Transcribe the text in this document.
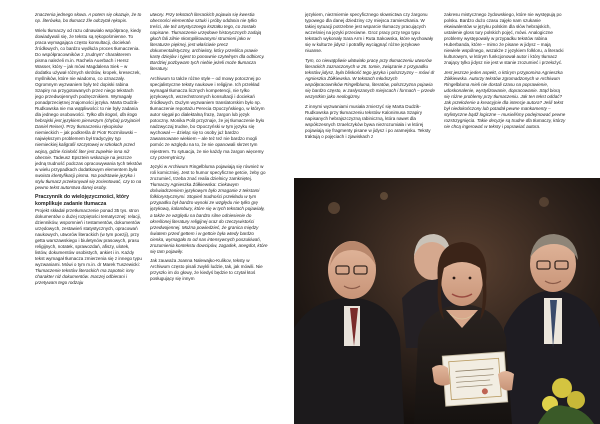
znaczenia jednego słowa. A potem się okazuje, że to np. literówka, bo tłumacz źle odczytał rękopis.

Wielu tłumaczy od razu odnawiało współpracę, kiedy dowiadywali się, że tekstu są rękopośmienne. To praca wymagająca często konsultacji, dociekań źródłowych, co bardzo wydłuża proces tłumaczenia. Do współpracowników z „trudnym” charakterem pisma należeli m.in. Rachela Auerbach i Hersz Wasser, który – jak mówi Magdalena Siek – w dodatku używał różnych skrótów, kropek, kreseczek, myślników, które nie wiadomo, co oznaczały. Ogromnym wyzwaniem były też dopiski rabina Szapiry na przygotowanych przez niego tekstach jego przedwojennych podręcznikiem. Wymagały ponadprzeciętnej znajomości języka. Marta Dudzik-Rudkowska nie ma wątpliwości: to nie były zadania dla jednego osobowości. Tylko dla kogoś, dla kogo hebrajski jest językiem pierwszym (chyba) przyjaciel Daniel Reiser). Przy tłumaczeniu rękopisów niemieckich – jak podkreśla dr Piotr Rozmilowski – największym problemem był tradycyjny typ niemieckiej kaligrafii szczytowej w szkołach przed wojną, gdzie ścisłość liter jest zupełnie inna niż obecnie. Tadeusz Epsztein wskazuje na jeszcze jedną trudność podczas opracowywania tych tekstów w wielu przypadkach dodatkowym elementem była swoista identyfikacji pisma. Na podstawie języka i stylu tłumacz przekonywał się zorientować, czy to na pewno tekst autorstwa danej osoby.

Praczynnik do wielojęzyczności, który komplikuje zadanie tłumacza

Projekt składał przetłumaczenie ponad 35 tys. stron dokumentów o dużej rozpiętości tematycznej: relacji, dzienników, wspomnień i testamentów, dokumentów urzędowych, zestawień statystycznych, opracowań naukowych, utworów literackich (w tym poezji), przy getta warszawskiego i biuletynów prasowych, prasu religijnych, notatek, sprawozdań, afiszy, ulotek, listów, dokumentów osobistych, ankiet i in. Każdy tekst wymagał tłumacza zmierzenia się z innego typu wyzwaniami. Mówi o tym m.in. dr Marek Tuszewicki: Tłumaczenie tekstów literackich ma zapotnic inny charakter niż dokumentów. Inaczej odbierani i przetywam tego rodzaju

utwory. Przy tekstach literackich pojawia się kwestia obecności elementów sztuki i próby oddania nie tylko treści, ale też artystycznego kształtu tego, co zostało napisane. Tłumaczenie urzędowe historycznych zadają głuch fali zilnie skomplikowanymi strumieni jako w literaturze pięknej, jest właściwie precz dokumentalistyczny, archiwisty, który prześlica prawie kartę dziejów i tyjest to ponownie czytelnym dla odbiorcy. Bardziej pozbywam tych niebie jeżeli może tłumacza literatury.

Archiwum to także różne style – od mowy potocznej po specjalistyczne teksty naukowe i religijne. Ich przekład wymagał tłumacza licznych kompetencji, nie tylko językowych, wszechstronnych konsultacji i dociekań źródłowych. Dużym wyzwaniem translatorskim było np. tłumaczenie reportażu Perecia Opoczyńskiego, w którym autor sięgał po dialektalną frazę, żargon lub język potoczny. Monika Polit przyznaje, że jej tłumaczenie było nadzwyczaj trudne, bo Opoczyński w tym języku się wychował — dzieląc się to osoby już bardzo zawansowane wiekiem – ale też też nie bardzo mogli pomóc ze względu na to, że nie opanowali skrzet tym rejestrem. To sytuacja, że nie każdy ma żargon więcemy czy przemytniczy.

Języki w Archiwum Ringelbluma pojawiają się również w roli komiczniej. Jest to humor specyficzne getcie, żeby go zrozumieć, trzeba znać realia dzielnicy zamkniętej. Tłumaczy Agnieszka Żółkiewska: Ciekawym doświadczeniem językowym było zmaganie z tekstami folklorystycznymi. Stopień trudności przekładu w tym przypadku był bardzo wysoki ze względu nie tylko grę językową, kalambury, które się w tych tekstach pojawiały, a także ze względu na bardzo silne odniesienie do określonej literatury religijnej oraz do rzeczywistości przedwojennej. Można powiedzieć, że granica między światem przed gettem i w gettcie była wtedy bardzo cienka, wymagało to od nas intensywnych poszukiwań, zrozumienia kontekstu dowcipów, zagadek, anegdot, które się tam pojawiły.

Jak zauważa Joanna Nalewajko-Kulikov, teksty w Archiwum często pisali zwykli ludzie, tak, jak mówili. Nie przyszło im do głowy, że kiedyś będzie to czytał ktoś posługujący się innym

językiem, niezmiernie specyficznego słownictwa czy żargonu typowego dla danej dziedziny czy miejsca zamieszkania. W takiej sytuacji potrzebne jest wsparcie tłumaczy pracujących wcześniej na języki przeciwne. Groz pracy przy tego typu tekstach wykonały Sara Arm i Ruta Sakowska, które wychowały się w kulturze jidysz i potrafiły wyciągnąć różne językowe niuanse.

Tym, co niewątpliwie ułatwiało pracę przy tłumaczeniu utworów literackich zaznaczonych w 26. tomie, związanie z przypadku tekstów jidysz, była bliskość tego języka i polszczyzny – mówi dr Agnieszka Żółkiewska. W tekstach młodszych współpracowników Ringelbluma, literatów, polszczyzna pojawia się bardzo często, w zasłyszanych miejscach i formach – przede wszystkim jako neologizmy.

Z innymi wyzwaniami musiała zmierzyć się Marta Dudzik-Rudkowska przy tłumaczeniu tekstów Kalonimusa Szapiry napisanych hebrajszczyzną rabiniczną, która nawet dla współczesnych Izraelczyków bywa niezrozumiała i w której pojawiają się fragmenty pisane w jidysz i po aramejsku. Teksty traktują o pojęciach i zjawiskach z

zakresu mistycznego żydowskiego, które nie występują po polsku. Bardzo dużo czasu zajęło nam szukanie ekwiwalentów w języku polskim dla słów hebrajskich, ustalenie gloss tury polskich pojęć, mówi. Analogiczne problemy występowały w przypadku tekstów rabina Huberbanda, które – mimo że pisane w jidysz – mają niewiele wspólnego, wszakże z językiem folkloru, a literacki kulturowym, w którym funkcjonował autor i który tłumacz znający tylko jidysz nie jest w stanie zrozumieć i przełożyć.

Jest jeszcze jeden aspekt, o którym przypomina Agnieszka Żółkiewska. Autorzy tekstów zgromadzonych w Archiwum Ringelbluma mieli nie dostali czasu na poprawienie, udoskonalenie, wystylizowanie, dopracowanie. Stąd biorą się różne problemy przy tłumaczeniu. Jak ten tekst oddać? Jak przełożenie a kreacyjnie dla intencje autora? Jeśli tekst był niedokończony lub potadał pewne mankamenty – stylistyczne bądź logiczne – musieliśmy podejmować pewne rozstrzygnięcia. Takie decyzje są trudne dla tłumaczy, którzy nie chcą ingerować w teksty i poprawiać autora.
